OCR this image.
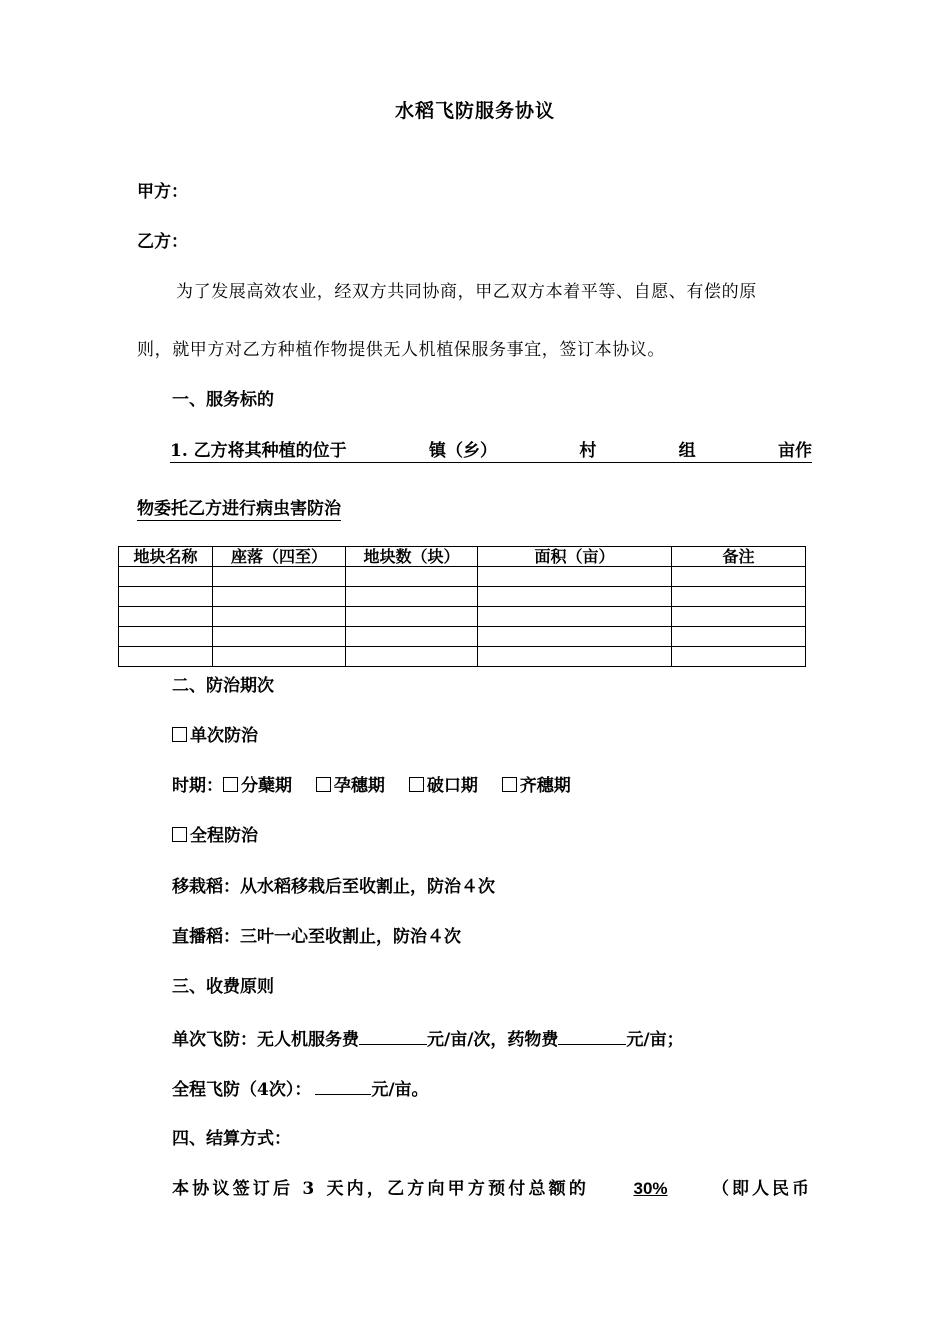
水稻飞防服务协议
甲方：
乙方：
为了发展高效农业，经双方共同协商，甲乙双方本着平等、自愿、有偿的原
则，就甲方对乙方种植作物提供无人机植保服务事宜，签订本协议。
一、服务标的
1. 乙方将其种植的位于	镇（乡）	村	组	亩作
物委托乙方进行病虫害防治
地块名称	座落（四至）	地块数（块）	面积（亩）	备注

二、防治期次
单次防治
时期： 分蘖期 孕穗期 破口期 齐穗期
全程防治
移栽稻：从水稻移栽后至收割止，防治４次
直播稻：三叶一心至收割止，防治４次
三、收费原则
单次飞防：无人机服务费	元/亩/次，药物费	元/亩；
全程飞防（4次）：	元/亩。
四、结算方式：
本协议签订后 3 天内，乙方向甲方预付总额的	30%	（即人民币
